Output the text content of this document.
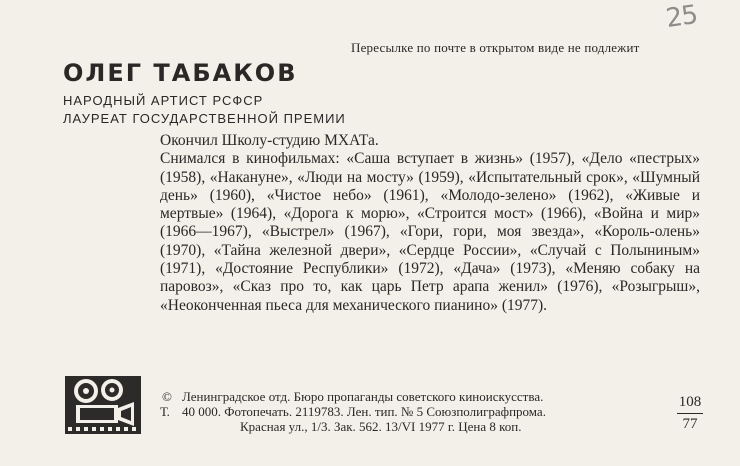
25
Пересылке по почте в открытом виде не подлежит
ОЛЕГ ТАБАКОВ
НАРОДНЫЙ АРТИСТ РСФСР
ЛАУРЕАТ ГОСУДАРСТВЕННОЙ ПРЕМИИ

Окончил Школу-студию МХАТа.

Снимался в кинофильмах: «Саша вступает в жизнь» (1957), «Дело «пестрых» (1958), «Накануне», «Люди на мосту» (1959), «Испытательный срок», «Шумный день» (1960), «Чистое небо» (1961), «Молодо-зелено» (1962), «Живые и мертвые» (1964), «Дорога к морю», «Строится мост» (1966), «Война и мир» (1966—1967), «Выстрел» (1967), «Гори, гори, моя звезда», «Король-олень» (1970), «Тайна железной двери», «Сердце России», «Случай с Полыниным» (1971), «Достояние Республики» (1972), «Дача» (1973), «Меняю собаку на паровоз», «Сказ про то, как царь Петр арапа женил» (1976), «Розыгрыш», «Неоконченная пьеса для механического пианино» (1977).

©
Т.
Ленинградское отд. Бюро пропаганды советского киноискусства.
40 000. Фотопечать. 2119783. Лен. тип. № 5 Союзполиграфпрома.
Красная ул., 1/3. Зак. 562. 13/VI 1977 г. Цена 8 коп.	$\frac{108}{77}$
